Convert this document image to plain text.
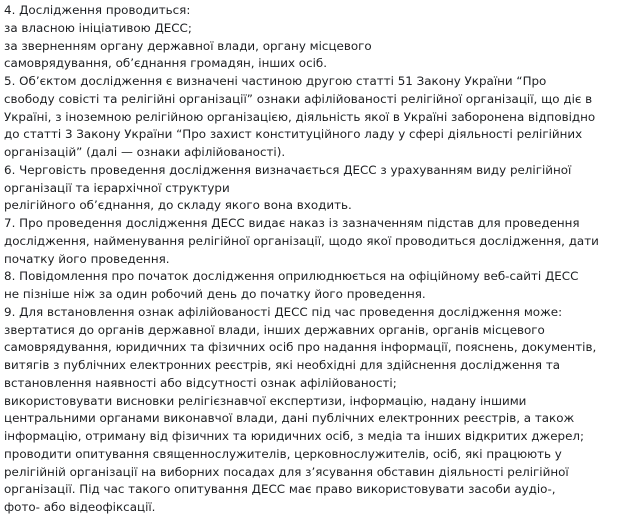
4. Дослідження проводиться:
за власною ініціативою ДЕСС;
за зверненням органу державної влади, органу місцевого
самоврядування, об’єднання громадян, інших осіб.
5. Об’єктом дослідження є визначені частиною другою статті 51 Закону України “Про
свободу совісті та релігійні організації” ознаки афілійованості релігійної організації, що діє в
Україні, з іноземною релігійною організацією, діяльність якої в Україні заборонена відповідно
до статті 3 Закону України “Про захист конституційного ладу у сфері діяльності релігійних
організацій” (далі — ознаки афілійованості).
6. Черговість проведення дослідження визначається ДЕСС з урахуванням виду релігійної
організації та ієрархічної структури
релігійного об’єднання, до складу якого вона входить.
7. Про проведення дослідження ДЕСС видає наказ із зазначенням підстав для проведення
дослідження, найменування релігійної організації, щодо якої проводиться дослідження, дати
початку його проведення.
8. Повідомлення про початок дослідження оприлюднюється на офіційному веб-сайті ДЕСС
не пізніше ніж за один робочий день до початку його проведення.
9. Для встановлення ознак афілійованості ДЕСС під час проведення дослідження може:
звертатися до органів державної влади, інших державних органів, органів місцевого
самоврядування, юридичних та фізичних осіб про надання інформації, пояснень, документів,
витягів з публічних електронних реєстрів, які необхідні для здійснення дослідження та
встановлення наявності або відсутності ознак афілійованості;
використовувати висновки релігієзнавчої експертизи, інформацію, надану іншими
центральними органами виконавчої влади, дані публічних електронних реєстрів, а також
інформацію, отриману від фізичних та юридичних осіб, з медіа та інших відкритих джерел;
проводити опитування священнослужителів, церковнослужителів, осіб, які працюють у
релігійній організації на виборних посадах для з’ясування обставин діяльності релігійної
організації. Під час такого опитування ДЕСС має право використовувати засоби аудіо-,
фото- або відеофіксації.
